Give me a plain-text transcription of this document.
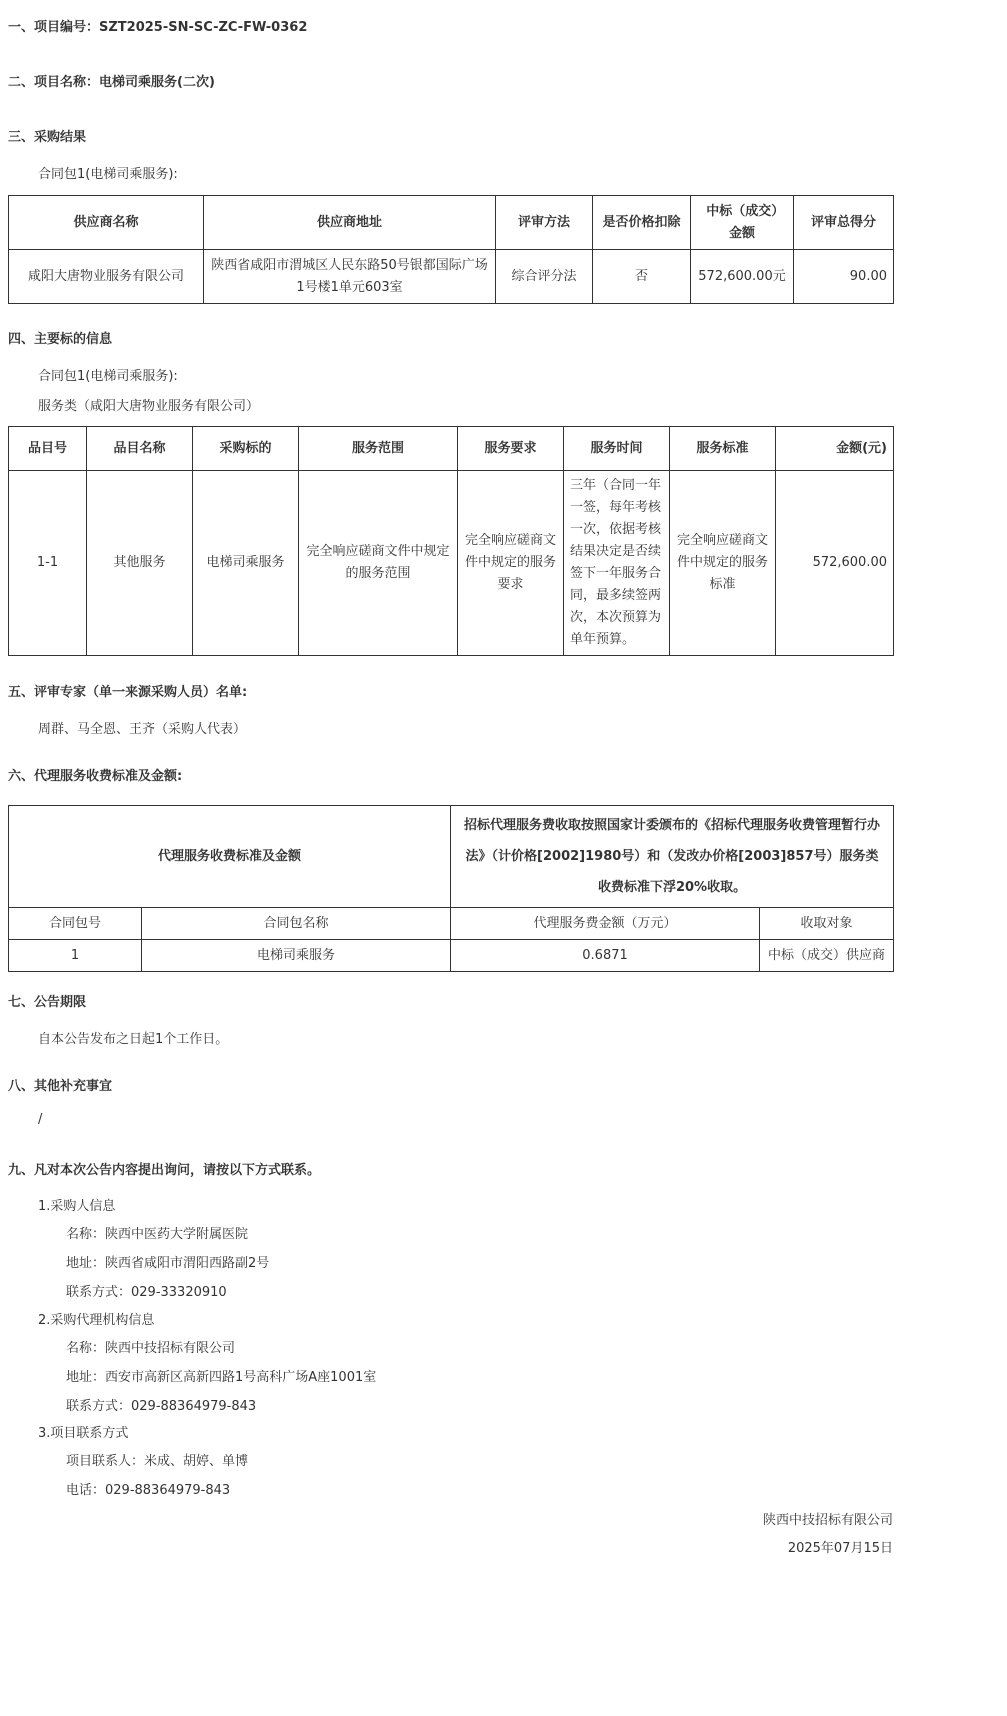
一、项目编号：SZT2025-SN-SC-ZC-FW-0362
二、项目名称：电梯司乘服务(二次)
三、采购结果
合同包1(电梯司乘服务):
供应商名称	供应商地址	评审方法	是否价格扣除	中标（成交）金额	评审总得分
咸阳大唐物业服务有限公司	陕西省咸阳市渭城区人民东路50号银都国际广场1号楼1单元603室	综合评分法	否	572,600.00元	90.00
四、主要标的信息
合同包1(电梯司乘服务):
服务类（咸阳大唐物业服务有限公司）
品目号	品目名称	采购标的	服务范围	服务要求	服务时间	服务标准	金额(元)
1-1	其他服务	电梯司乘服务	完全响应磋商文件中规定的服务范围	完全响应磋商文件中规定的服务要求	三年（合同一年一签，每年考核一次，依据考核结果决定是否续签下一年服务合同，最多续签两次，本次预算为单年预算。	完全响应磋商文件中规定的服务标准	572,600.00
五、评审专家（单一来源采购人员）名单:
周群、马全恩、王齐（采购人代表）
六、代理服务收费标准及金额:
代理服务收费标准及金额		招标代理服务费收取按照国家计委颁布的《招标代理服务收费管理暂行办法》（计价格[2002]1980号）和（发改办价格[2003]857号）服务类收费标准下浮20%收取。	
合同包号	合同包名称	代理服务费金额（万元）	收取对象
1	电梯司乘服务	0.6871	中标（成交）供应商
七、公告期限
自本公告发布之日起1个工作日。
八、其他补充事宜
/
九、凡对本次公告内容提出询问，请按以下方式联系。
1.采购人信息
名称：陕西中医药大学附属医院
地址：陕西省咸阳市渭阳西路副2号
联系方式：029-33320910
2.采购代理机构信息
名称：陕西中技招标有限公司
地址：西安市高新区高新四路1号高科广场A座1001室
联系方式：029-88364979-843
3.项目联系方式
项目联系人：米成、胡婷、单博
电话：029-88364979-843
陕西中技招标有限公司
2025年07月15日
